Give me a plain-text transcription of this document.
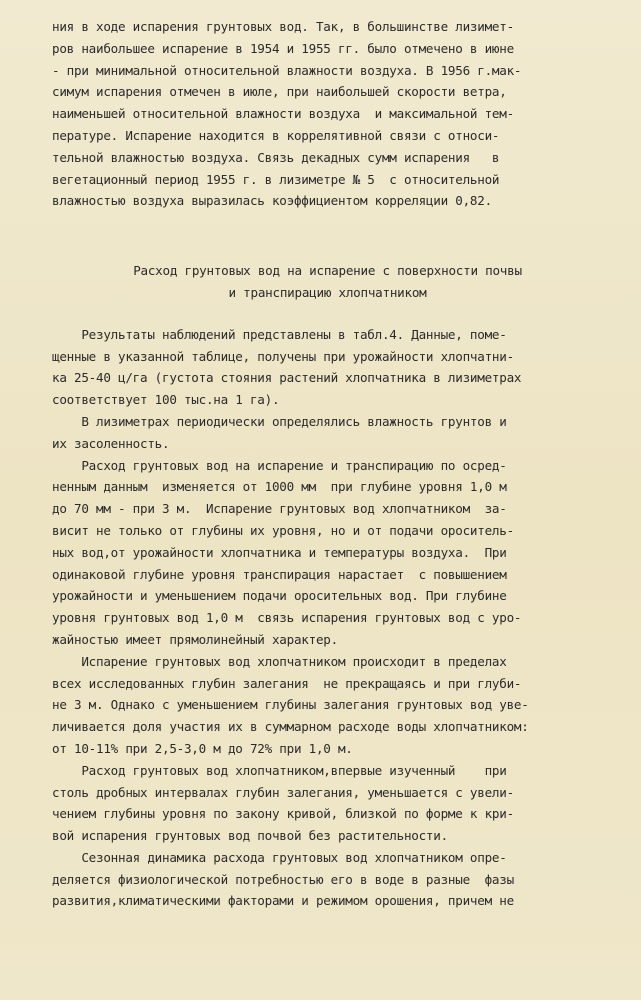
ния в ходе испарения грунтовых вод. Так, в большинстве лизимет-
ров наибольшее испарение в 1954 и 1955 гг. было отмечено в июне
- при минимальной относительной влажности воздуха. В 1956 г.мак-
симум испарения отмечен в июле, при наибольшей скорости ветра,
наименьшей относительной влажности воздуха  и максимальной тем-
пературе. Испарение находится в коррелятивной связи с относи-
тельной влажностью воздуха. Связь декадных сумм испарения   в
вегетационный период 1955 г. в лизиметре № 5  с относительной
влажностью воздуха выразилась коэффициентом корреляции 0,82.
Расход грунтовых вод на испарение с поверхности почвы
и транспирацию хлопчатником
Результаты наблюдений представлены в табл.4. Данные, поме-
щенные в указанной таблице, получены при урожайности хлопчатни-
ка 25-40 ц/га (густота стояния растений хлопчатника в лизиметрах
соответствует 100 тыс.на 1 га).
В лизиметрах периодически определялись влажность грунтов и
их засоленность.
Расход грунтовых вод на испарение и транспирацию по осред-
ненным данным  изменяется от 1000 мм  при глубине уровня 1,0 м
до 70 мм - при 3 м.  Испарение грунтовых вод хлопчатником  за-
висит не только от глубины их уровня, но и от подачи ороситель-
ных вод,от урожайности хлопчатника и температуры воздуха.  При
одинаковой глубине уровня транспирация нарастает  с повышением
урожайности и уменьшением подачи оросительных вод. При глубине
уровня грунтовых вод 1,0 м  связь испарения грунтовых вод с уро-
жайностью имеет прямолинейный характер.
Испарение грунтовых вод хлопчатником происходит в пределах
всех исследованных глубин залегания  не прекращаясь и при глуби-
не 3 м. Однако с уменьшением глубины залегания грунтовых вод уве-
личивается доля участия их в суммарном расходе воды хлопчатником:
от 10-11% при 2,5-3,0 м до 72% при 1,0 м.
Расход грунтовых вод хлопчатником,впервые изученный    при
столь дробных интервалах глубин залегания, уменьшается с увели-
чением глубины уровня по закону кривой, близкой по форме к кри-
вой испарения грунтовых вод почвой без растительности.
Сезонная динамика расхода грунтовых вод хлопчатником опре-
деляется физиологической потребностью его в воде в разные  фазы
развития,климатическими факторами и режимом орошения, причем не
